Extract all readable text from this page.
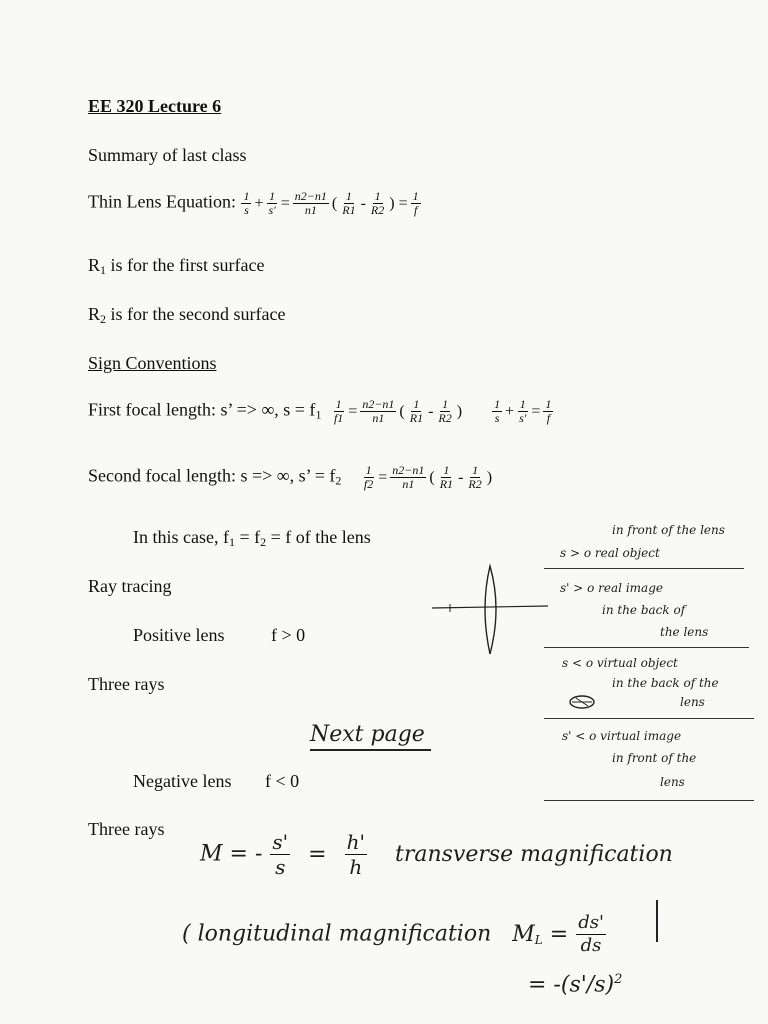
EE 320 Lecture 6
Summary of last class
Thin Lens Equation: $\frac{1}{s} + \frac{1}{s'} = \frac{n2-n1}{n1}$ ( $\frac{1}{R1} - \frac{1}{R2}$ ) = $\frac{1}{f}$
$R_1$ is for the first surface
$R_2$ is for the second surface
Sign Conventions
First focal length: s’ => ∞, $s = f_1 \frac{1}{f1} = \frac{n2-n1}{n1}$ ( $\frac{1}{R1} - \frac{1}{R2}$ )	$\frac{1}{s} + \frac{1}{s'} = \frac{1}{f}$
Second focal length: s => ∞, s’ = $f_2 \frac{1}{f2} = \frac{n2-n1}{n1}$ ( $\frac{1}{R1} - \frac{1}{R2}$ )
In this case, $f_1 = f_2 = f$ of the lens
Ray tracing
Positive lens	f > 0
Three rays
Negative lens f < 0
Three rays
in front of the lens
s > o real object
s' > o real image
in the back of
the lens
s < o virtual object
in the back of the
lens
s' < o virtual image
in front of the
lens
Next page
M = - $\frac{s'}{s} = \frac{h'}{h}$ transverse magnification
( longitudinal magnification $M_L = \frac{ds'}{ds}$
= $-(s'/s)^2$
